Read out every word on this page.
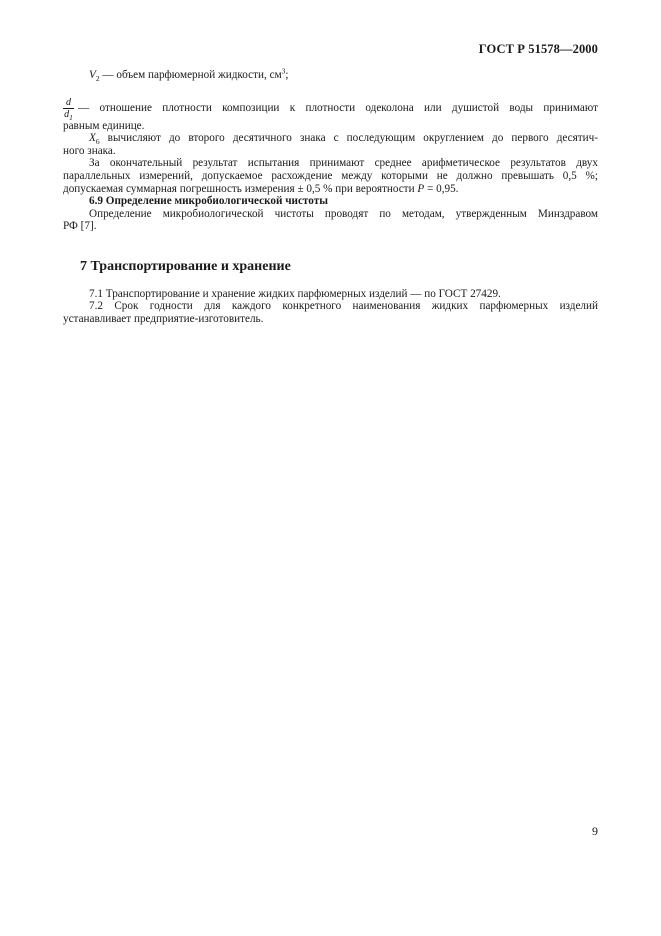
ГОСТ Р 51578—2000

$V_2$ — объем парфюмерной жидкости, $см^3$;

$\frac{d}{d_1}$ — отношение плотности композиции к плотности одеколона или душистой воды принимают

равным единице.

$X_6$ вычисляют до второго десятичного знака с последующим округлением до первого десятич-
ного знака.

За окончательный результат испытания принимают среднее арифметическое результатов двух
параллельных измерений, допускаемое расхождение между которыми не должно превышать 0,5 %;
допускаемая суммарная погрешность измерения ± 0,5 % при вероятности P = 0,95.

6.9 Определение микробиологической чистоты

Определение микробиологической чистоты проводят по методам, утвержденным Минздравом
РФ [7].

7 Транспортирование и хранение

7.1 Транспортирование и хранение жидких парфюмерных изделий — по ГОСТ 27429.

7.2 Срок годности для каждого конкретного наименования жидких парфюмерных изделий
устанавливает предприятие-изготовитель.

9
